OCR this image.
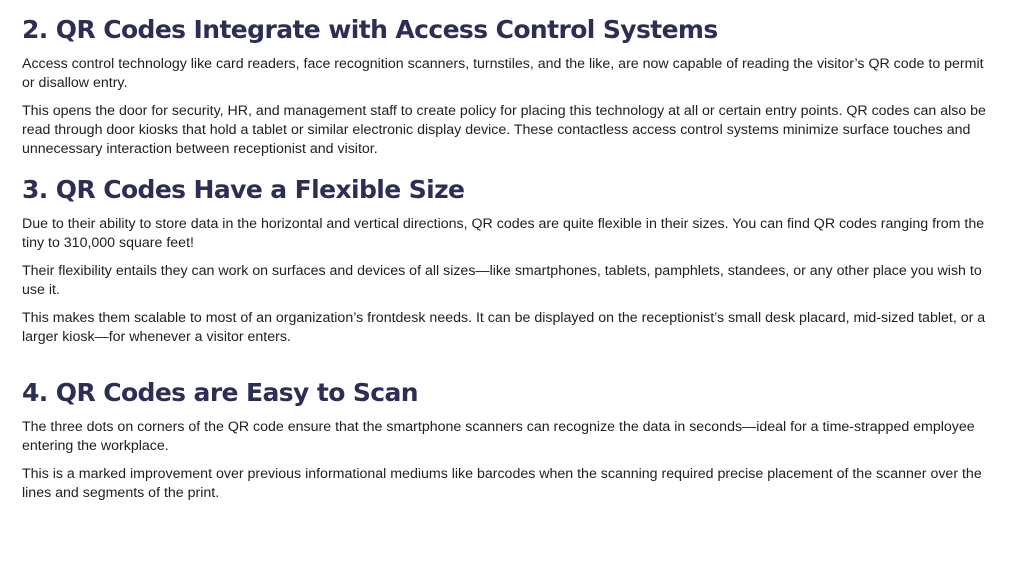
2. QR Codes Integrate with Access Control Systems

Access control technology like card readers, face recognition scanners, turnstiles, and the like, are now capable of reading the visitor’s QR code to permit or disallow entry.

This opens the door for security, HR, and management staff to create policy for placing this technology at all or certain entry points. QR codes can also be read through door kiosks that hold a tablet or similar electronic display device. These contactless access control systems minimize surface touches and unnecessary interaction between receptionist and visitor.

3. QR Codes Have a Flexible Size

Due to their ability to store data in the horizontal and vertical directions, QR codes are quite flexible in their sizes. You can find QR codes ranging from the tiny to 310,000 square feet!

Their flexibility entails they can work on surfaces and devices of all sizes—like smartphones, tablets, pamphlets, standees, or any other place you wish to use it.

This makes them scalable to most of an organization’s frontdesk needs. It can be displayed on the receptionist’s small desk placard, mid-sized tablet, or a larger kiosk—for whenever a visitor enters.

4. QR Codes are Easy to Scan

The three dots on corners of the QR code ensure that the smartphone scanners can recognize the data in seconds—ideal for a time-strapped employee entering the workplace.

This is a marked improvement over previous informational mediums like barcodes when the scanning required precise placement of the scanner over the lines and segments of the print.
